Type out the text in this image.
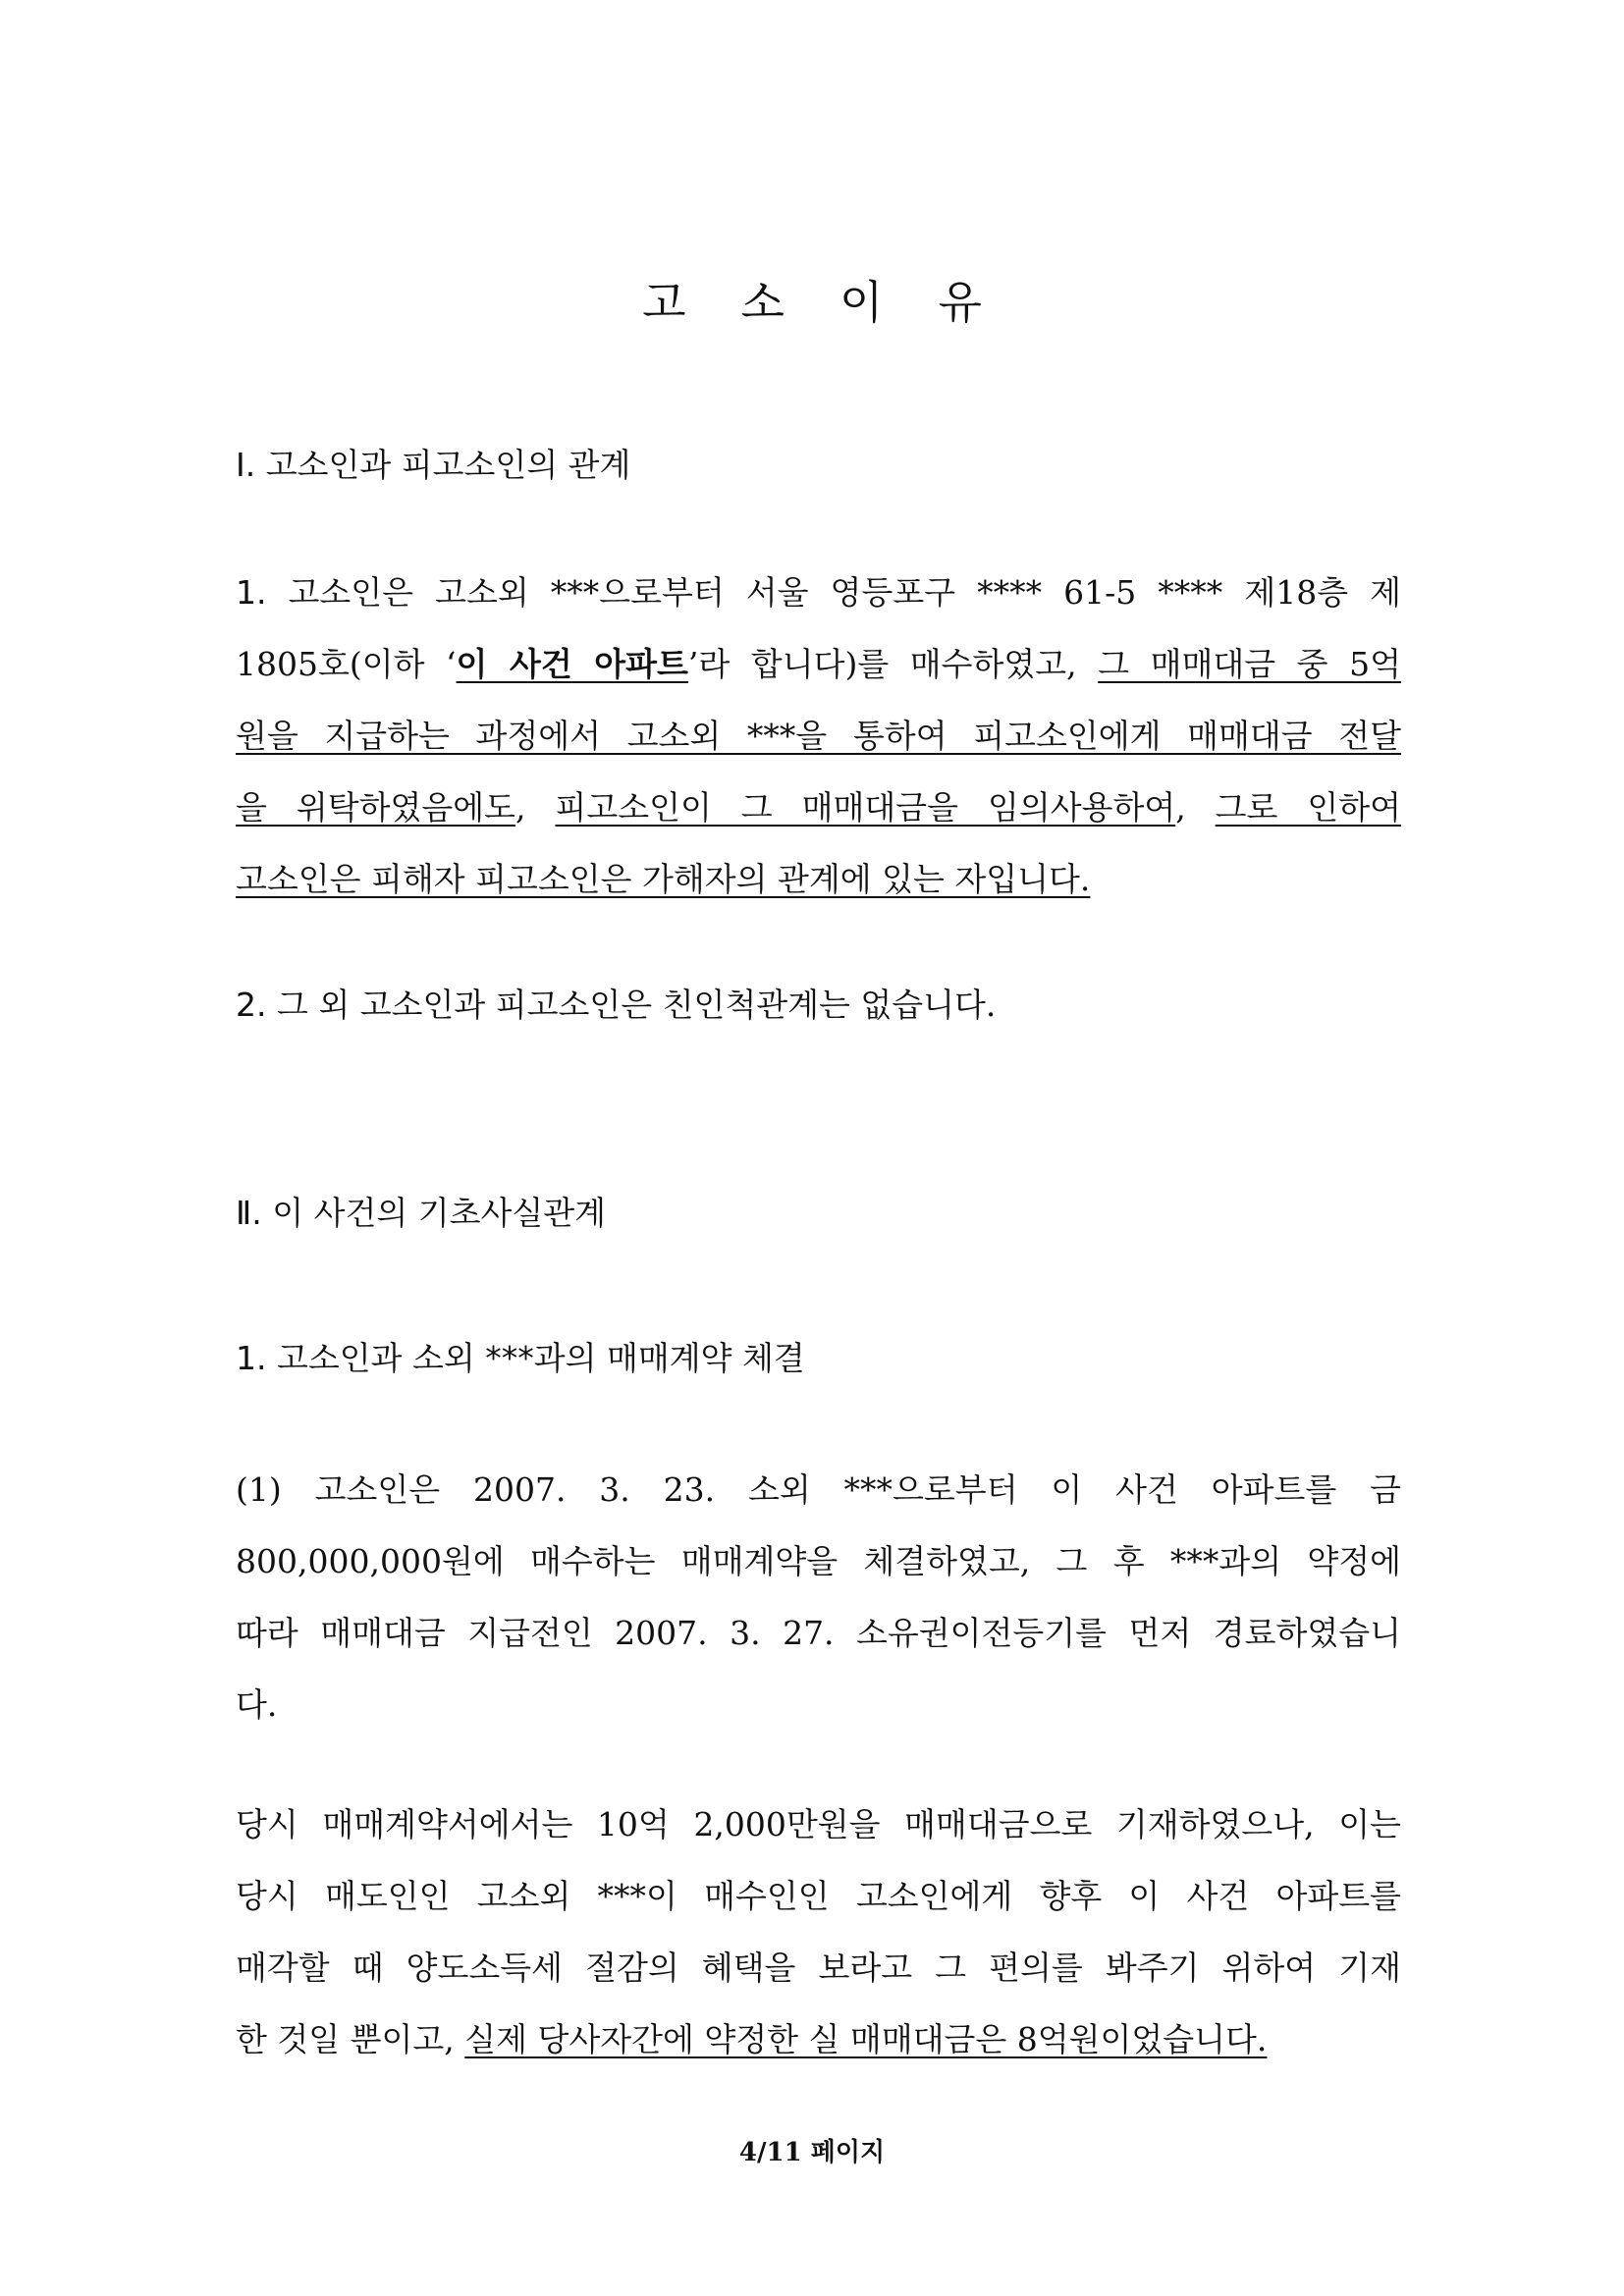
고 소 이 유
Ⅰ. 고소인과 피고소인의 관계
1. 고소인은 고소외 ***으로부터 서울 영등포구 **** 61-5 **** 제18층 제
1805호(이하 ‘이 사건 아파트’라 합니다)를 매수하였고, 그 매매대금 중 5억
원을 지급하는 과정에서 고소외 ***을 통하여 피고소인에게 매매대금 전달
을 위탁하였음에도, 피고소인이 그 매매대금을 임의사용하여, 그로 인하여
고소인은 피해자 피고소인은 가해자의 관계에 있는 자입니다.
2. 그 외 고소인과 피고소인은 친인척관계는 없습니다.
Ⅱ. 이 사건의 기초사실관계
1. 고소인과 소외 ***과의 매매계약 체결
(1) 고소인은 2007. 3. 23. 소외 ***으로부터 이 사건 아파트를 금
800,000,000원에 매수하는 매매계약을 체결하였고, 그 후 ***과의 약정에
따라 매매대금 지급전인 2007. 3. 27. 소유권이전등기를 먼저 경료하였습니
다.
당시 매매계약서에서는 10억 2,000만원을 매매대금으로 기재하였으나, 이는
당시 매도인인 고소외 ***이 매수인인 고소인에게 향후 이 사건 아파트를
매각할 때 양도소득세 절감의 혜택을 보라고 그 편의를 봐주기 위하여 기재
한 것일 뿐이고, 실제 당사자간에 약정한 실 매매대금은 8억원이었습니다.
4/11 페이지
